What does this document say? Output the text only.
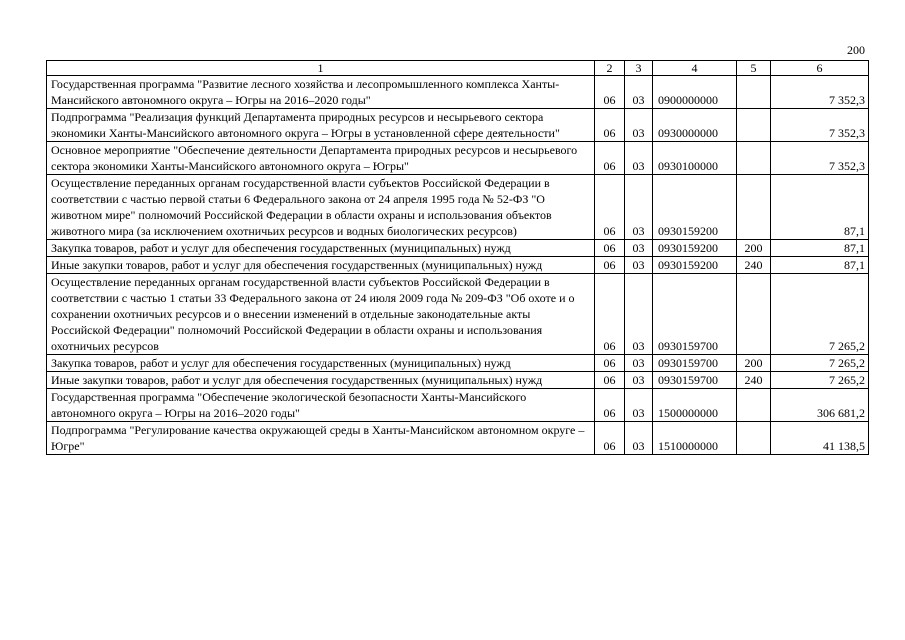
200
1	2	3	4	5	6
Государственная программа "Развитие лесного хозяйства и лесопромышленного комплекса Ханты-Мансийского автономного округа – Югры на 2016–2020 годы"	06	03	0900000000		7 352,3
Подпрограмма "Реализация функций Департамента природных ресурсов и несырьевого сектора экономики Ханты-Мансийского автономного округа – Югры в установленной сфере деятельности"	06	03	0930000000		7 352,3
Основное мероприятие "Обеспечение деятельности Департамента природных ресурсов и несырьевого сектора экономики Ханты-Мансийского автономного округа – Югры"	06	03	0930100000		7 352,3
Осуществление переданных органам государственной власти субъектов Российской Федерации в соответствии с частью первой статьи 6 Федерального закона от 24 апреля 1995 года № 52-ФЗ "О животном мире" полномочий Российской Федерации в области охраны и использования объектов животного мира (за исключением охотничьих ресурсов и водных биологических ресурсов)	06	03	0930159200		87,1
Закупка товаров, работ и услуг для обеспечения государственных (муниципальных) нужд	06	03	0930159200	200	87,1
Иные закупки товаров, работ и услуг для обеспечения государственных (муниципальных) нужд	06	03	0930159200	240	87,1
Осуществление переданных органам государственной власти субъектов Российской Федерации в соответствии с частью 1 статьи 33 Федерального закона от 24 июля 2009 года № 209-ФЗ "Об охоте и о сохранении охотничьих ресурсов и о внесении изменений в отдельные законодательные акты Российской Федерации" полномочий Российской Федерации в области охраны и использования охотничьих ресурсов	06	03	0930159700		7 265,2
Закупка товаров, работ и услуг для обеспечения государственных (муниципальных) нужд	06	03	0930159700	200	7 265,2
Иные закупки товаров, работ и услуг для обеспечения государственных (муниципальных) нужд	06	03	0930159700	240	7 265,2
Государственная программа "Обеспечение экологической безопасности Ханты-Мансийского автономного округа – Югры на 2016–2020 годы"	06	03	1500000000		306 681,2
Подпрограмма "Регулирование качества окружающей среды в Ханты-Мансийском автономном округе – Югре"	06	03	1510000000		41 138,5
